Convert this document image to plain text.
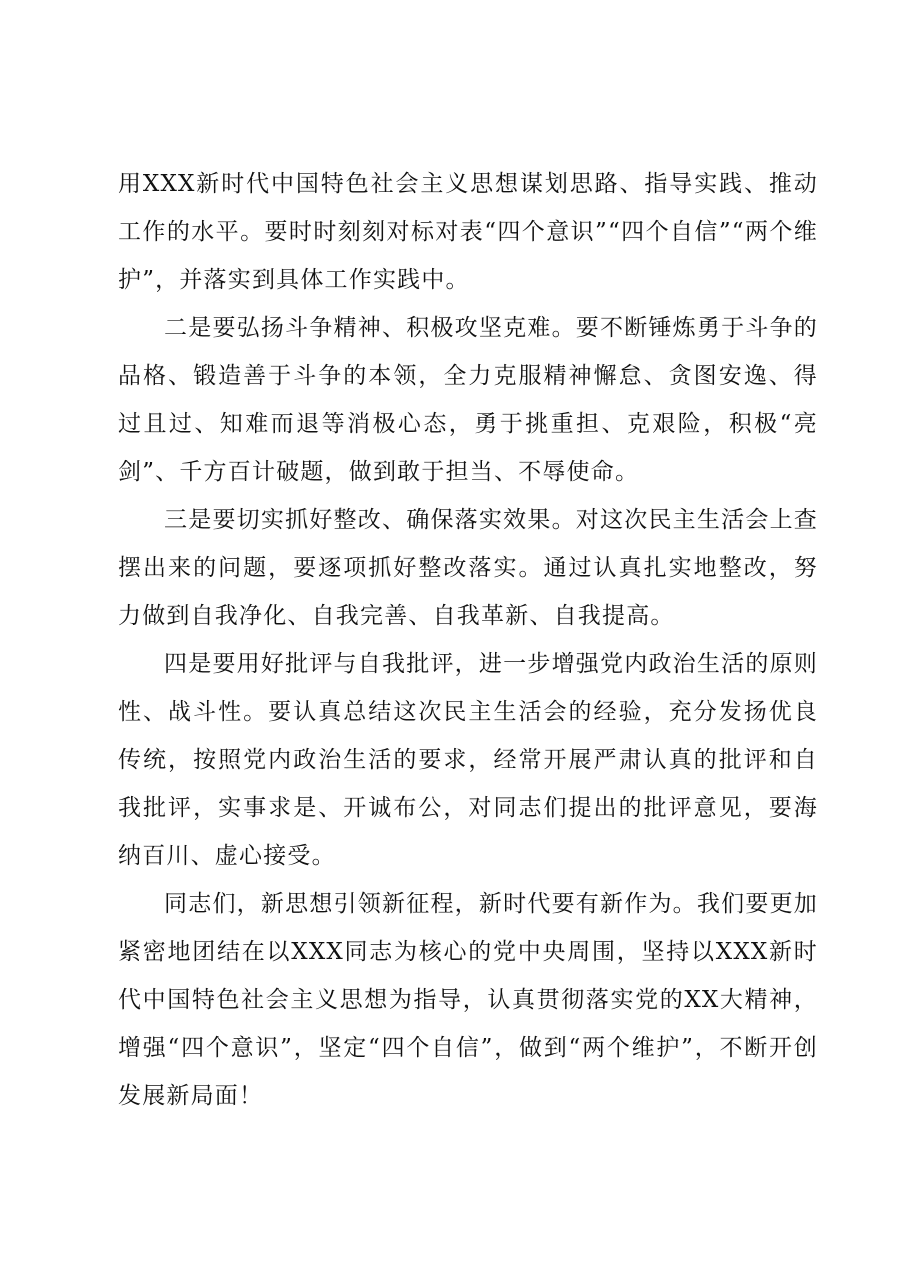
用XXX新时代中国特色社会主义思想谋划思路、指导实践、推动工作的水平。要时时刻刻对标对表“四个意识”“四个自信”“两个维护”，并落实到具体工作实践中。

二是要弘扬斗争精神、积极攻坚克难。要不断锤炼勇于斗争的品格、锻造善于斗争的本领，全力克服精神懈怠、贪图安逸、得过且过、知难而退等消极心态，勇于挑重担、克艰险，积极“亮剑”、千方百计破题，做到敢于担当、不辱使命。

三是要切实抓好整改、确保落实效果。对这次民主生活会上查摆出来的问题，要逐项抓好整改落实。通过认真扎实地整改，努力做到自我净化、自我完善、自我革新、自我提高。

四是要用好批评与自我批评，进一步增强党内政治生活的原则性、战斗性。要认真总结这次民主生活会的经验，充分发扬优良传统，按照党内政治生活的要求，经常开展严肃认真的批评和自我批评，实事求是、开诚布公，对同志们提出的批评意见，要海纳百川、虚心接受。

同志们，新思想引领新征程，新时代要有新作为。我们要更加紧密地团结在以XXX同志为核心的党中央周围，坚持以XXX新时代中国特色社会主义思想为指导，认真贯彻落实党的XX大精神，增强“四个意识”，坚定“四个自信”，做到“两个维护”，不断开创发展新局面！
